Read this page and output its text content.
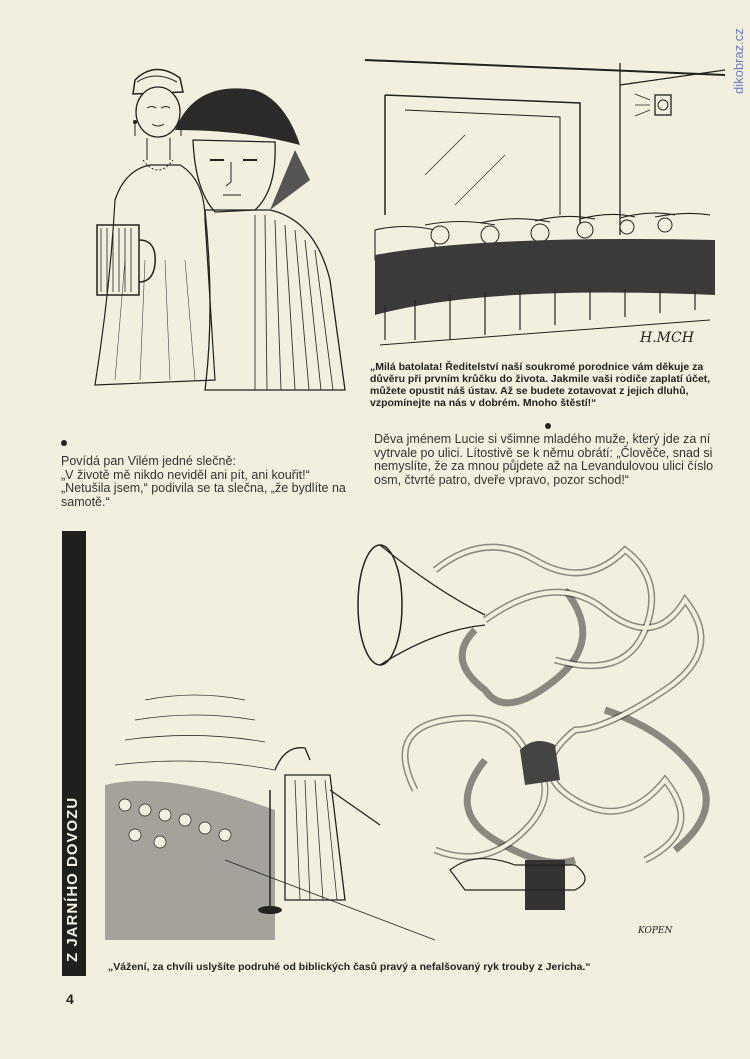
dikobraz.cz
H.MCH
„Milá batolata! Ředitelství naší soukromé porodnice vám děkuje za důvěru při prvním krůčku do života. Jakmile vaši rodiče zaplatí účet, můžete opustit náš ústav. Až se budete zotavovat z jejich dluhů, vzpomínejte na nás v dobrém. Mnoho štěstí!“
Povídá pan Vilém jedné slečně:
„V životě mě nikdo neviděl ani pít, ani kouřit!“
„Netušila jsem,“ podivila se ta slečna, „že bydlíte na samotě.“
Děva jménem Lucie si všimne mladého muže, který jde za ní vytrvale po ulici. Lítostivě se k němu obrátí: „Člověče, snad si nemyslíte, že za mnou půjdete až na Levandulovou ulici číslo osm, čtvrté patro, dveře vpravo, pozor schod!“
Z JARNÍHO DOVOZU	KOPEN
„Vážení, za chvíli uslyšíte podruhé od biblických časů pravý a nefalšovaný ryk trouby z Jericha.“
4
